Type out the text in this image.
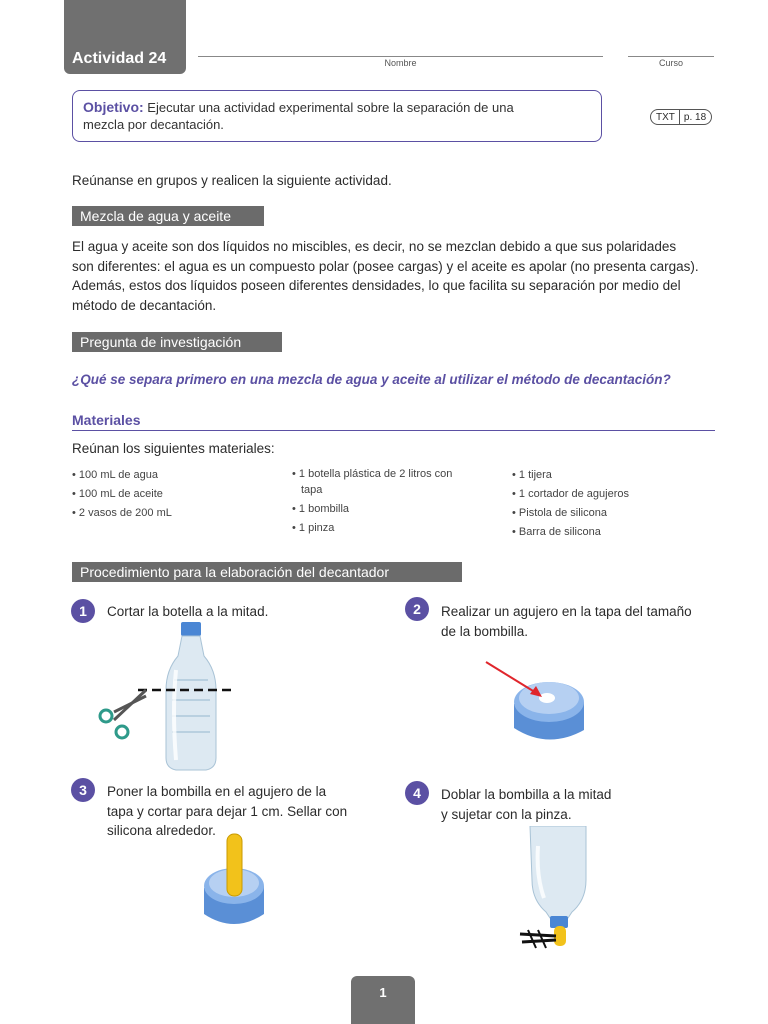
Actividad 24	Nombre	Curso
Objetivo: Ejecutar una actividad experimental sobre la separación de una
mezcla por decantación.	TXT p. 18
Reúnanse en grupos y realicen la siguiente actividad.
Mezcla de agua y aceite
El agua y aceite son dos líquidos no miscibles, es decir, no se mezclan debido a que sus polaridades
son diferentes: el agua es un compuesto polar (posee cargas) y el aceite es apolar (no presenta cargas).
Además, estos dos líquidos poseen diferentes densidades, lo que facilita su separación por medio del
método de decantación.
Pregunta de investigación
¿Qué se separa primero en una mezcla de agua y aceite al utilizar el método de decantación?
Materiales
Reúnan los siguientes materiales:
• 100 mL de agua
• 100 mL de aceite
• 2 vasos de 200 mL
• 1 botella plástica de 2 litros con
tapa
• 1 bombilla
• 1 pinza
• 1 tijera
• 1 cortador de agujeros
• Pistola de silicona
• Barra de silicona
Procedimiento para la elaboración del decantador
1	Cortar la botella a la mitad.	2	Realizar un agujero en la tapa del tamaño
de la bombilla.
3	Poner la bombilla en el agujero de la
tapa y cortar para dejar 1 cm. Sellar con
silicona alrededor.
4	Doblar la bombilla a la mitad
y sujetar con la pinza.
1
